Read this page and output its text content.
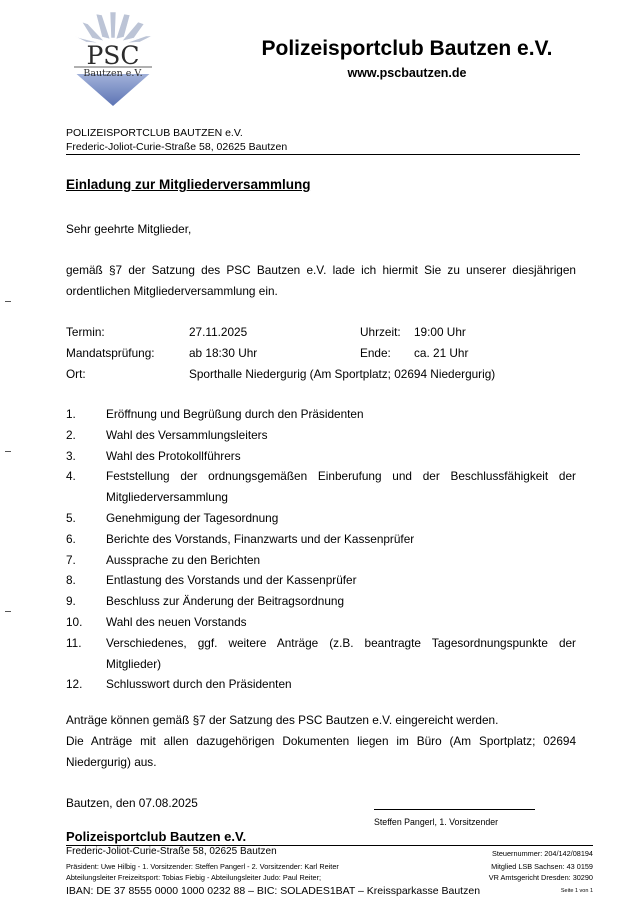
PSC
Bautzen e.V.
Polizeisportclub Bautzen e.V.
www.pscbautzen.de
POLIZEISPORTCLUB BAUTZEN e.V.
Frederic-Joliot-Curie-Straße 58, 02625 Bautzen
Einladung zur Mitgliederversammlung
Sehr geehrte Mitglieder,
gemäß §7 der Satzung des PSC Bautzen e.V. lade ich hiermit Sie zu unserer diesjährigen ordentlichen Mitgliederversammlung ein.
Termin:	27.11.2025	Uhrzeit: 19:00 Uhr
Mandatsprüfung:	ab 18:30 Uhr	Ende: ca. 21 Uhr
Ort:	Sporthalle Niedergurig (Am Sportplatz; 02694 Niedergurig)
1.	Eröffnung und Begrüßung durch den Präsidenten
2.	Wahl des Versammlungsleiters
3.	Wahl des Protokollführers
4.	Feststellung der ordnungsgemäßen Einberufung und der Beschlussfähigkeit der Mitgliederversammlung
5.	Genehmigung der Tagesordnung
6.	Berichte des Vorstands, Finanzwarts und der Kassenprüfer
7.	Aussprache zu den Berichten
8.	Entlastung des Vorstands und der Kassenprüfer
9.	Beschluss zur Änderung der Beitragsordnung
10.	Wahl des neuen Vorstands
11.	Verschiedenes, ggf. weitere Anträge (z.B. beantragte Tagesordnungspunkte der Mitglieder)
12.	Schlusswort durch den Präsidenten
Anträge können gemäß §7 der Satzung des PSC Bautzen e.V. eingereicht werden.
Die Anträge mit allen dazugehörigen Dokumenten liegen im Büro (Am Sportplatz; 02694 Niedergurig) aus.
Bautzen, den 07.08.2025
Steffen Pangerl, 1. Vorsitzender
Polizeisportclub Bautzen e.V.
Frederic-Joliot-Curie-Straße 58, 02625 Bautzen
Präsident: Uwe Hilbig - 1. Vorsitzender: Steffen Pangerl - 2. Vorsitzender: Karl Reiter
Abteilungsleiter Freizeitsport: Tobias Fiebig - Abteilungsleiter Judo: Paul Reiter;
Steuernummer: 204/142/08194
Mitglied LSB Sachsen: 43 0159
VR Amtsgericht Dresden: 30290
IBAN: DE 37 8555 0000 1000 0232 88 – BIC: SOLADES1BAT – Kreissparkasse Bautzen	Seite 1 von 1
